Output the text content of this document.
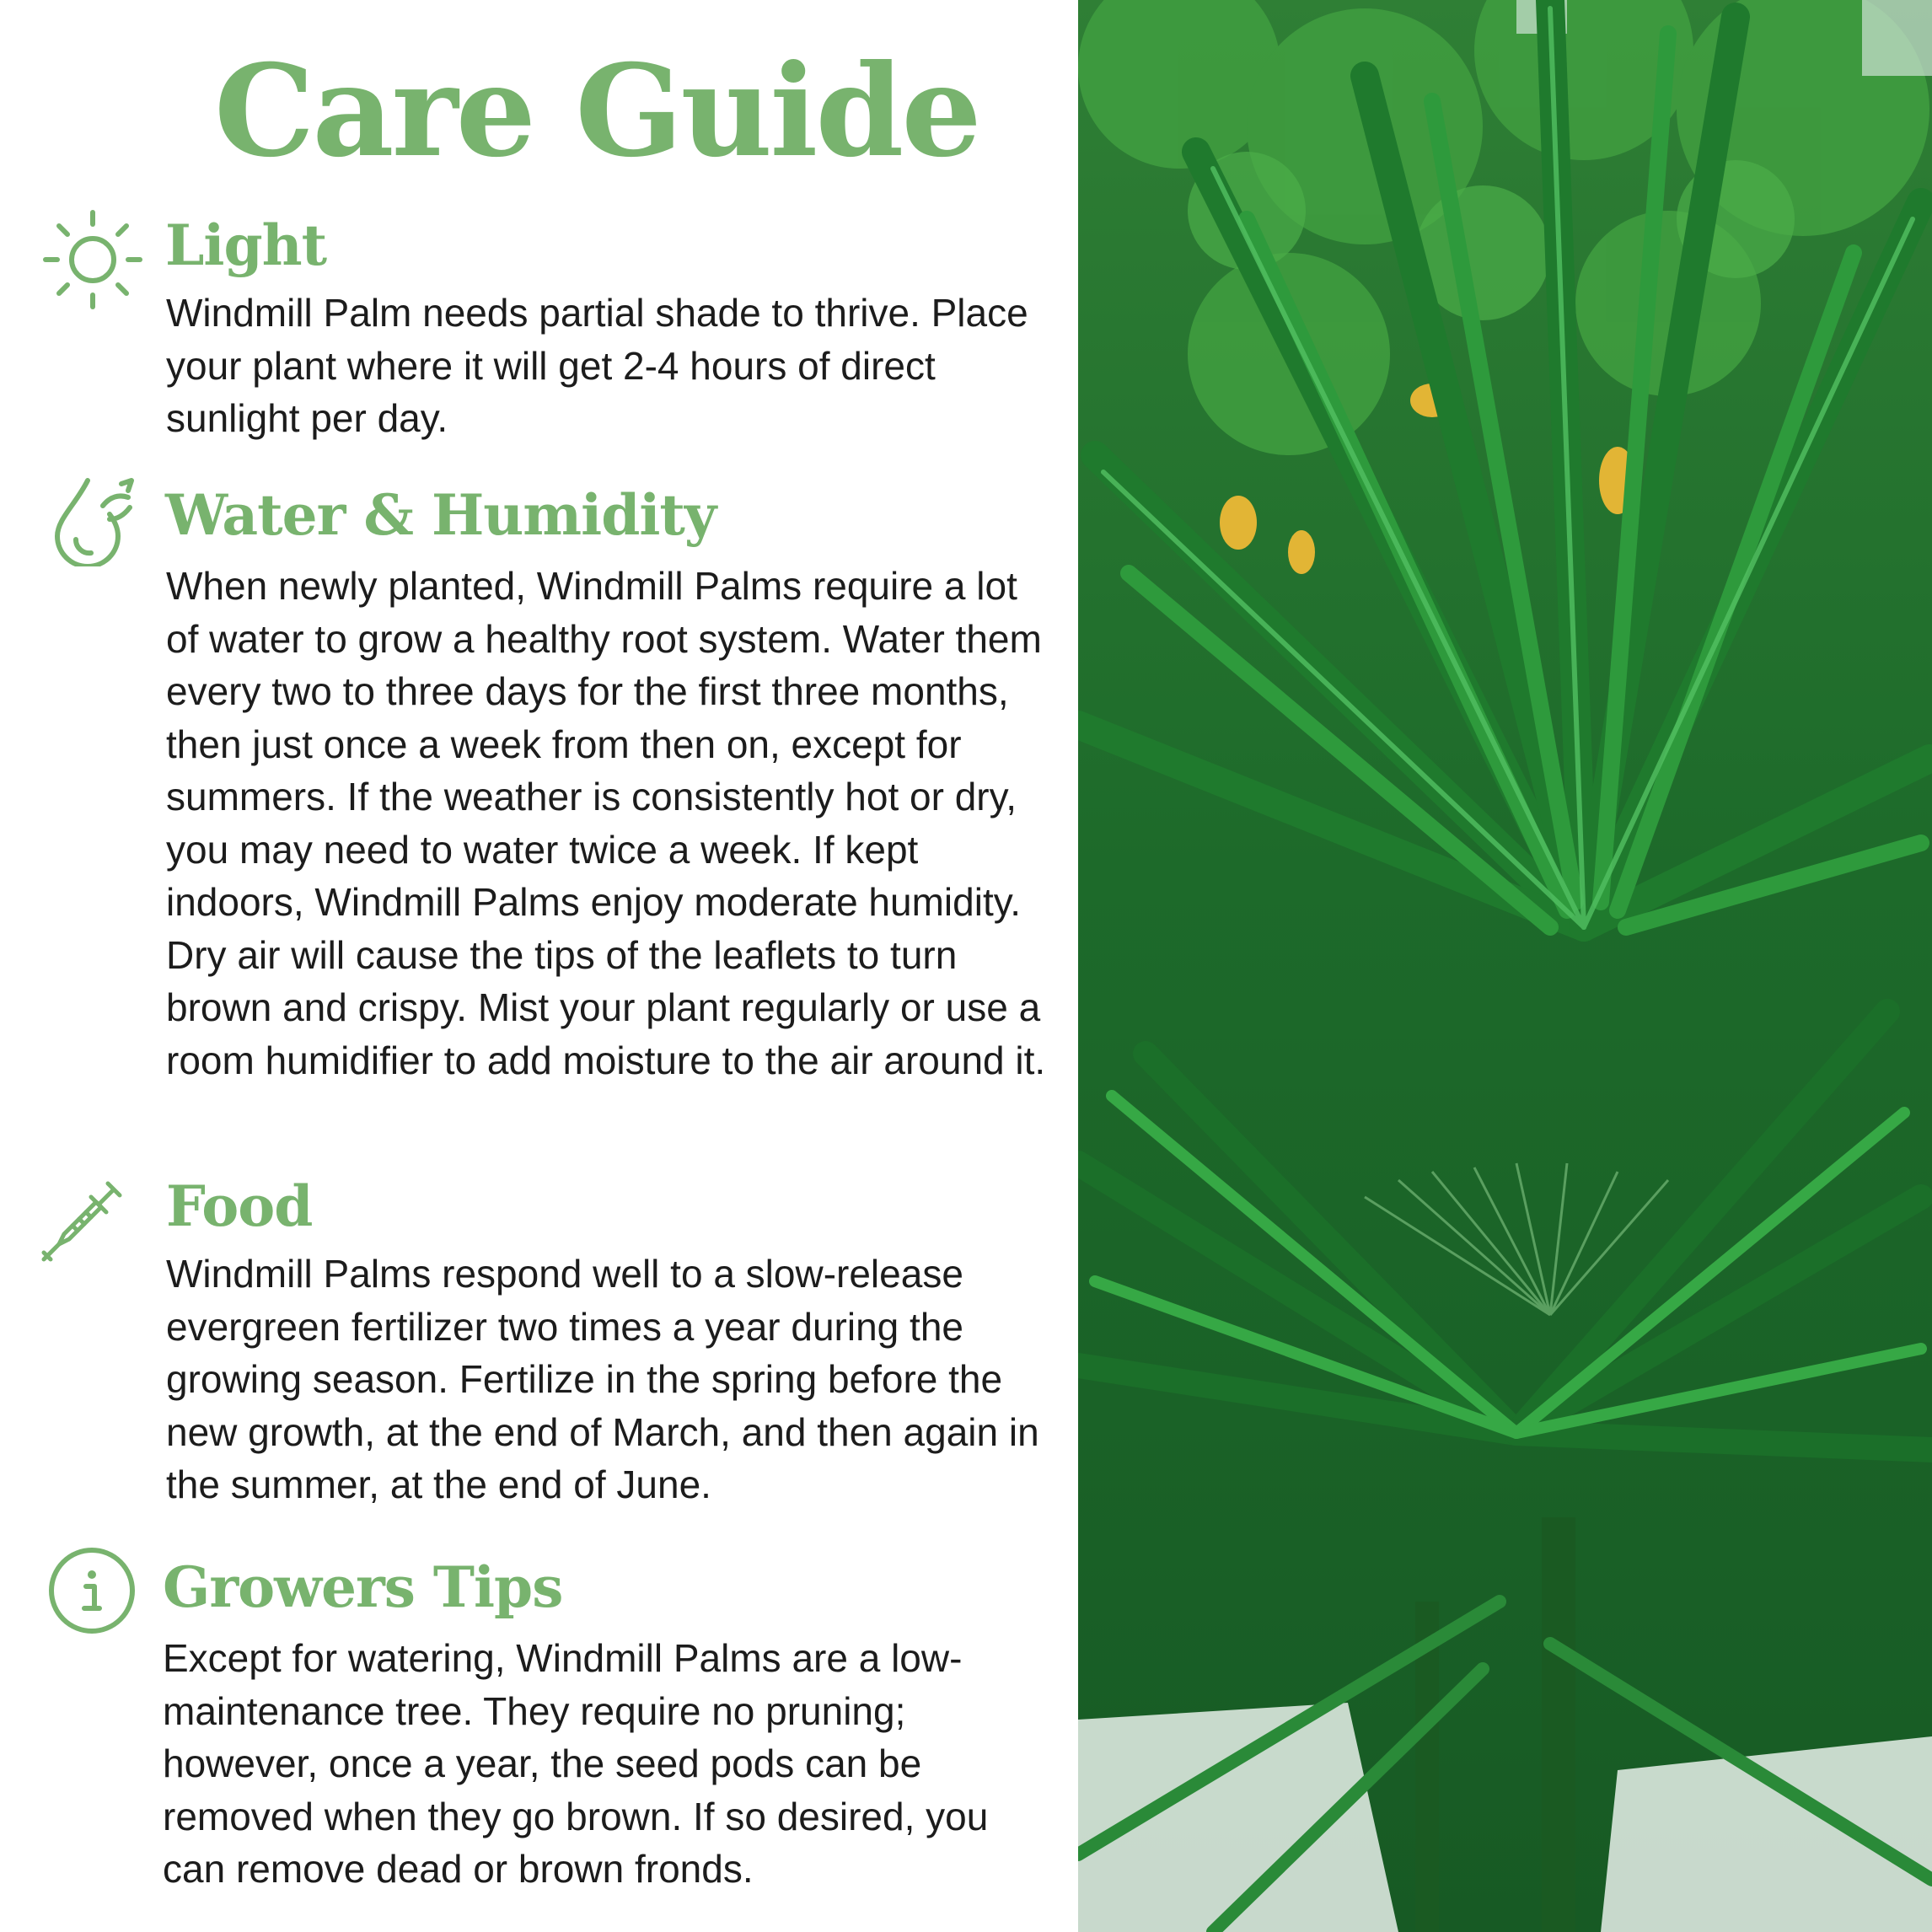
Care Guide
Light

Windmill Palm needs partial shade to thrive. Place your plant where it will get 2-4 hours of direct sunlight per day.

Water & Humidity

When newly planted, Windmill Palms require a lot of water to grow a healthy root system. Water them every two to three days for the first three months, then just once a week from then on, except for summers. If the weather is consistently hot or dry, you may need to water twice a week. If kept indoors, Windmill Palms enjoy moderate humidity. Dry air will cause the tips of the leaflets to turn brown and crispy. Mist your plant regularly or use a room humidifier to add moisture to the air around it.

Food

Windmill Palms respond well to a slow-release evergreen fertilizer two times a year during the growing season. Fertilize in the spring before the new growth, at the end of March, and then again in the summer, at the end of June.

Growers Tips

Except for watering, Windmill Palms are a low-maintenance tree. They require no pruning; however, once a year, the seed pods can be removed when they go brown. If so desired, you can remove dead or brown fronds.
